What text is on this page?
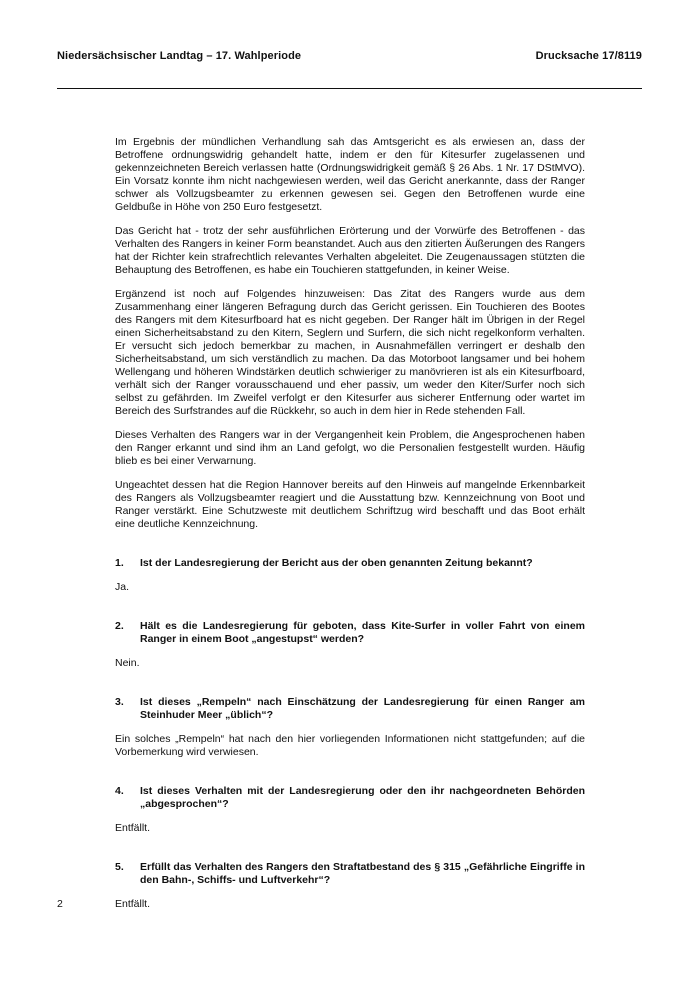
Niedersächsischer Landtag – 17. Wahlperiode	Drucksache 17/8119

Im Ergebnis der mündlichen Verhandlung sah das Amtsgericht es als erwiesen an, dass der Betroffene ordnungswidrig gehandelt hatte, indem er den für Kitesurfer zugelassenen und gekennzeichneten Bereich verlassen hatte (Ordnungswidrigkeit gemäß § 26 Abs. 1 Nr. 17 DStMVO). Ein Vorsatz konnte ihm nicht nachgewiesen werden, weil das Gericht anerkannte, dass der Ranger schwer als Vollzugsbeamter zu erkennen gewesen sei. Gegen den Betroffenen wurde eine Geldbuße in Höhe von 250 Euro festgesetzt.

Das Gericht hat - trotz der sehr ausführlichen Erörterung und der Vorwürfe des Betroffenen - das Verhalten des Rangers in keiner Form beanstandet. Auch aus den zitierten Äußerungen des Rangers hat der Richter kein strafrechtlich relevantes Verhalten abgeleitet. Die Zeugenaussagen stützten die Behauptung des Betroffenen, es habe ein Touchieren stattgefunden, in keiner Weise.

Ergänzend ist noch auf Folgendes hinzuweisen: Das Zitat des Rangers wurde aus dem Zusammenhang einer längeren Befragung durch das Gericht gerissen. Ein Touchieren des Bootes des Rangers mit dem Kitesurfboard hat es nicht gegeben. Der Ranger hält im Übrigen in der Regel einen Sicherheitsabstand zu den Kitern, Seglern und Surfern, die sich nicht regelkonform verhalten. Er versucht sich jedoch bemerkbar zu machen, in Ausnahmefällen verringert er deshalb den Sicherheitsabstand, um sich verständlich zu machen. Da das Motorboot langsamer und bei hohem Wellengang und höheren Windstärken deutlich schwieriger zu manövrieren ist als ein Kitesurfboard, verhält sich der Ranger vorausschauend und eher passiv, um weder den Kiter/Surfer noch sich selbst zu gefährden. Im Zweifel verfolgt er den Kitesurfer aus sicherer Entfernung oder wartet im Bereich des Surfstrandes auf die Rückkehr, so auch in dem hier in Rede stehenden Fall.

Dieses Verhalten des Rangers war in der Vergangenheit kein Problem, die Angesprochenen haben den Ranger erkannt und sind ihm an Land gefolgt, wo die Personalien festgestellt wurden. Häufig blieb es bei einer Verwarnung.

Ungeachtet dessen hat die Region Hannover bereits auf den Hinweis auf mangelnde Erkennbarkeit des Rangers als Vollzugsbeamter reagiert und die Ausstattung bzw. Kennzeichnung von Boot und Ranger verstärkt. Eine Schutzweste mit deutlichem Schriftzug wird beschafft und das Boot erhält eine deutliche Kennzeichnung.

1. Ist der Landesregierung der Bericht aus der oben genannten Zeitung bekannt?

Ja.

2. Hält es die Landesregierung für geboten, dass Kite-Surfer in voller Fahrt von einem Ranger in einem Boot „angestupst“ werden?

Nein.

3. Ist dieses „Rempeln“ nach Einschätzung der Landesregierung für einen Ranger am Steinhuder Meer „üblich“?

Ein solches „Rempeln“ hat nach den hier vorliegenden Informationen nicht stattgefunden; auf die Vorbemerkung wird verwiesen.

4. Ist dieses Verhalten mit der Landesregierung oder den ihr nachgeordneten Behörden „abgesprochen“?

Entfällt.

5. Erfüllt das Verhalten des Rangers den Straftatbestand des § 315 „Gefährliche Eingriffe in den Bahn-, Schiffs- und Luftverkehr“?

Entfällt.

2
